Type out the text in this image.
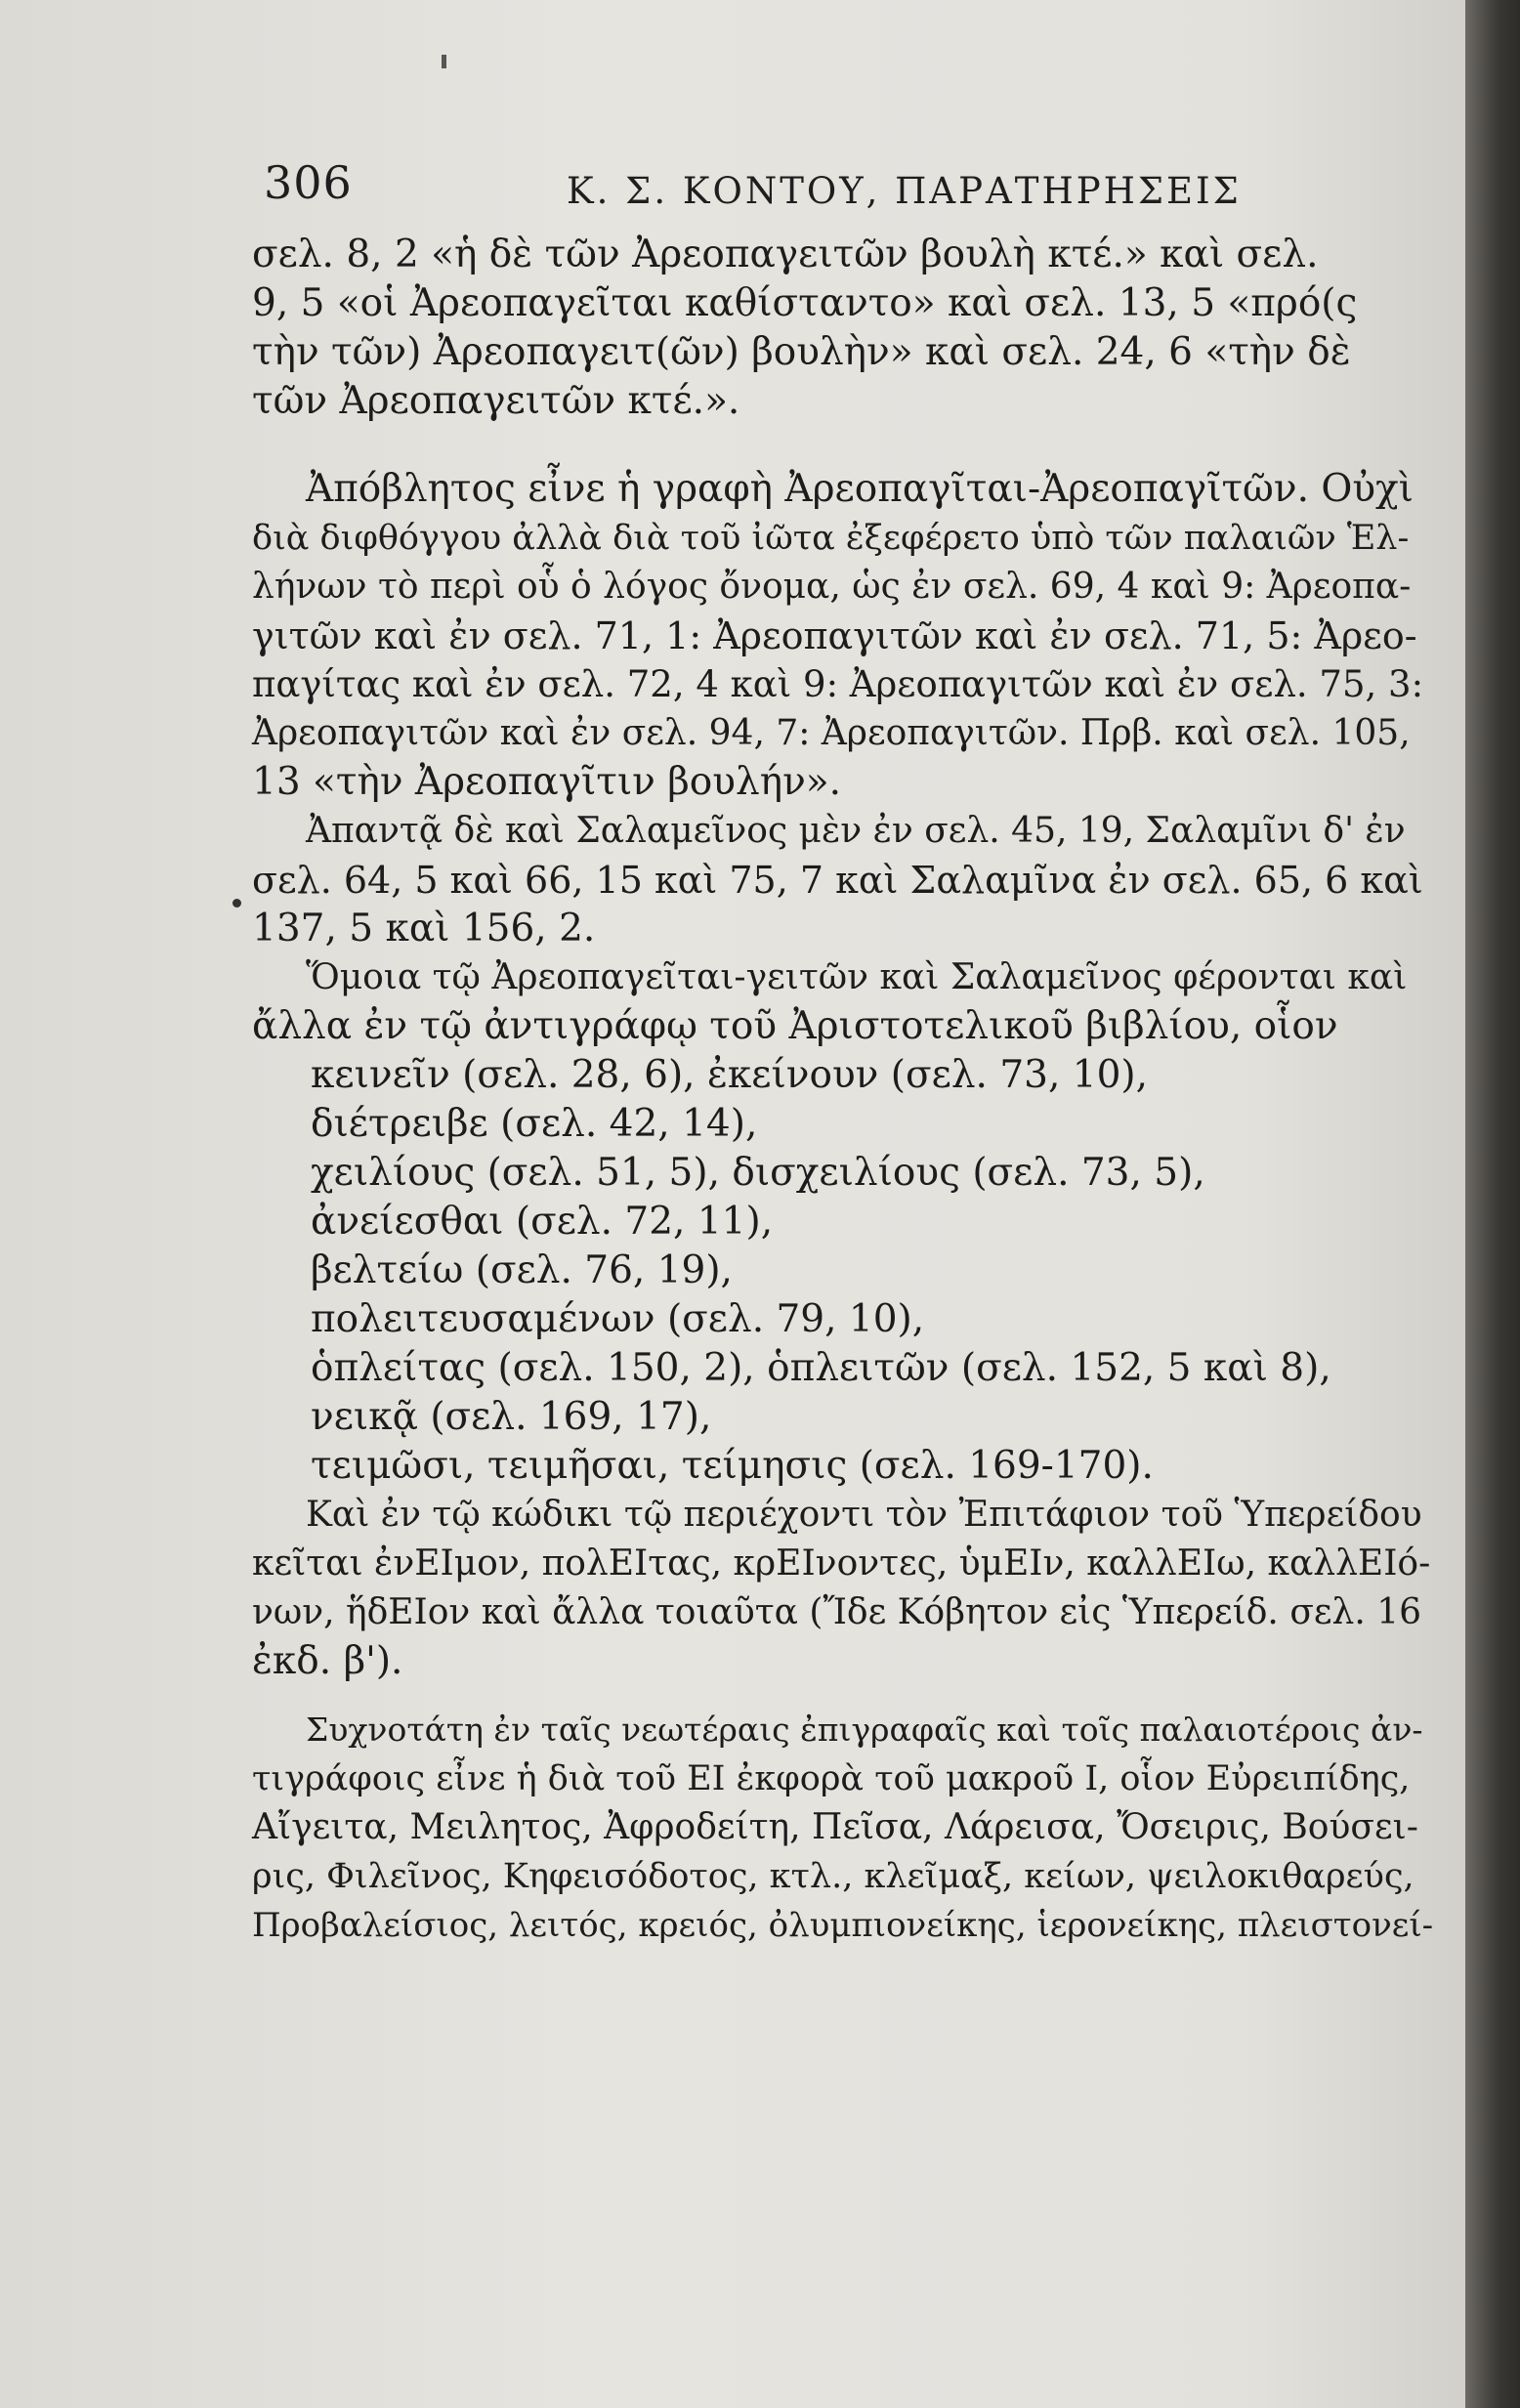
306	Κ. Σ. ΚΟΝΤΟΥ, ΠΑΡΑΤΗΡΗΣΕΙΣ
σελ. 8, 2 «ἡ δὲ τῶν Ἀρεοπαγειτῶν βουλὴ κτέ.» καὶ σελ.
9, 5 «οἱ Ἀρεοπαγεῖται καθίσταντο» καὶ σελ. 13, 5 «πρό(ς
τὴν τῶν) Ἀρεοπαγειτ(ῶν) βουλὴν» καὶ σελ. 24, 6 «τὴν δὲ
τῶν Ἀρεοπαγειτῶν κτέ.».
Ἀπόβλητος εἶνε ἡ γραφὴ Ἀρεοπαγῖται-Ἀρεοπαγῖτῶν. Οὐχὶ
διὰ διφθόγγου ἀλλὰ διὰ τοῦ ἰῶτα ἐξεφέρετο ὑπὸ τῶν παλαιῶν Ἑλ-
λήνων τὸ περὶ οὗ ὁ λόγος ὄνομα, ὡς ἐν σελ. 69, 4 καὶ 9: Ἀρεοπα-
γιτῶν καὶ ἐν σελ. 71, 1: Ἀρεοπαγιτῶν καὶ ἐν σελ. 71, 5: Ἀρεο-
παγίτας καὶ ἐν σελ. 72, 4 καὶ 9: Ἀρεοπαγιτῶν καὶ ἐν σελ. 75, 3:
Ἀρεοπαγιτῶν καὶ ἐν σελ. 94, 7: Ἀρεοπαγιτῶν. Πρβ. καὶ σελ. 105,
13 «τὴν Ἀρεοπαγῖτιν βουλήν».
Ἀπαντᾷ δὲ καὶ Σαλαμεῖνος μὲν ἐν σελ. 45, 19, Σαλαμῖνι δ' ἐν
σελ. 64, 5 καὶ 66, 15 καὶ 75, 7 καὶ Σαλαμῖνα ἐν σελ. 65, 6 καὶ
137, 5 καὶ 156, 2.
Ὅμοια τῷ Ἀρεοπαγεῖται-γειτῶν καὶ Σαλαμεῖνος φέρονται καὶ
ἄλλα ἐν τῷ ἀντιγράφῳ τοῦ Ἀριστοτελικοῦ βιβλίου, οἷον
κεινεῖν (σελ. 28, 6), ἐκείνουν (σελ. 73, 10),
διέτρειβε (σελ. 42, 14),
χειλίους (σελ. 51, 5), δισχειλίους (σελ. 73, 5),
ἀνείεσθαι (σελ. 72, 11),
βελτείω (σελ. 76, 19),
πολειτευσαμένων (σελ. 79, 10),
ὁπλείτας (σελ. 150, 2), ὁπλειτῶν (σελ. 152, 5 καὶ 8),
νεικᾷ (σελ. 169, 17),
τειμῶσι, τειμῆσαι, τείμησις (σελ. 169-170).
Καὶ ἐν τῷ κώδικι τῷ περιέχοντι τὸν Ἐπιτάφιον τοῦ Ὑπερείδου
κεῖται ἐνΕΙμον, πολΕΙτας, κρΕΙνοντες, ὑμΕΙν, καλλΕΙω, καλλΕΙό-
νων, ἥδΕΙον καὶ ἄλλα τοιαῦτα (Ἴδε Κόβητον εἰς Ὑπερείδ. σελ. 16
ἐκδ. β').
Συχνοτάτη ἐν ταῖς νεωτέραις ἐπιγραφαῖς καὶ τοῖς παλαιοτέροις ἀν-
τιγράφοις εἶνε ἡ διὰ τοῦ ΕΙ ἐκφορὰ τοῦ μακροῦ Ι, οἷον Εὐρειπίδης,
Αἴγειτα, Μειλητος, Ἀφροδείτη, Πεῖσα, Λάρεισα, Ὄσειρις, Βούσει-
ρις, Φιλεῖνος, Κηφεισόδοτος, κτλ., κλεῖμαξ, κείων, ψειλοκιθαρεύς,
Προβαλείσιος, λειτός, κρειός, ὀλυμπιονείκης, ἱερονείκης, πλειστονεί-
